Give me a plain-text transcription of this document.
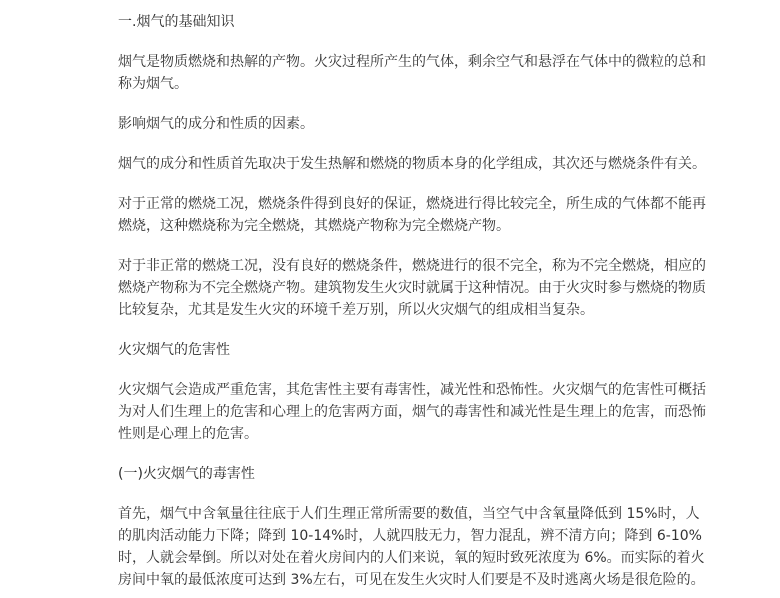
一.烟气的基础知识
烟气是物质燃烧和热解的产物。火灾过程所产生的气体，剩余空气和悬浮在气体中的微粒的总和
称为烟气。
影响烟气的成分和性质的因素。
烟气的成分和性质首先取决于发生热解和燃烧的物质本身的化学组成，其次还与燃烧条件有关。
对于正常的燃烧工况，燃烧条件得到良好的保证，燃烧进行得比较完全，所生成的气体都不能再
燃烧，这种燃烧称为完全燃烧，其燃烧产物称为完全燃烧产物。
对于非正常的燃烧工况，没有良好的燃烧条件，燃烧进行的很不完全，称为不完全燃烧，相应的
燃烧产物称为不完全燃烧产物。建筑物发生火灾时就属于这种情况。由于火灾时参与燃烧的物质
比较复杂，尤其是发生火灾的环境千差万别，所以火灾烟气的组成相当复杂。
火灾烟气的危害性
火灾烟气会造成严重危害，其危害性主要有毒害性，减光性和恐怖性。火灾烟气的危害性可概括
为对人们生理上的危害和心理上的危害两方面，烟气的毒害性和减光性是生理上的危害，而恐怖
性则是心理上的危害。
(一)火灾烟气的毒害性
首先，烟气中含氧量往往底于人们生理正常所需要的数值，当空气中含氧量降低到 15%时，人
的肌肉活动能力下降；降到 10-14%时，人就四肢无力，智力混乱，辨不清方向；降到 6-10%
时，人就会晕倒。所以对处在着火房间内的人们来说，氧的短时致死浓度为 6%。而实际的着火
房间中氧的最低浓度可达到 3%左右，可见在发生火灾时人们要是不及时逃离火场是很危险的。
